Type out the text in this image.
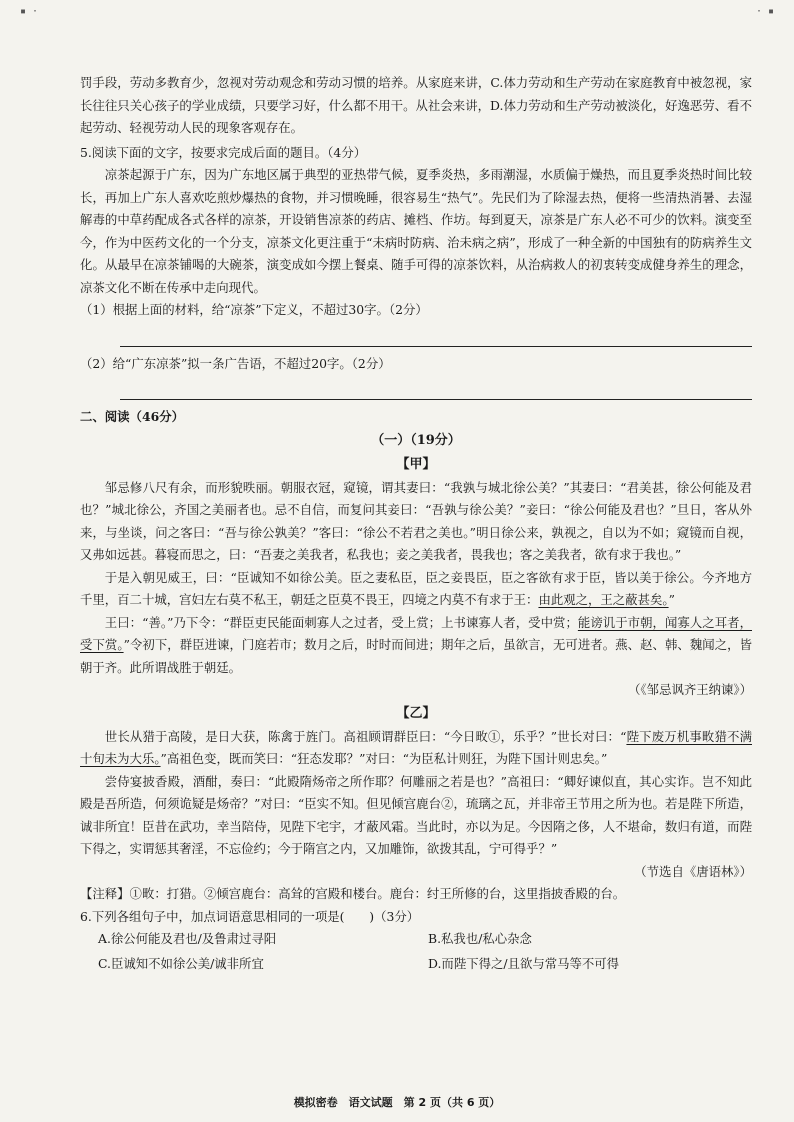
▪ ·	· ▪

罚手段，劳动多教育少，忽视对劳动观念和劳动习惯的培养。从家庭来讲，C.体力劳动和生产劳动在家庭教育中被忽视，家长往往只关心孩子的学业成绩，只要学习好，什么都不用干。从社会来讲，D.体力劳动和生产劳动被淡化，好逸恶劳、看不起劳动、轻视劳动人民的现象客观存在。

5.阅读下面的文字，按要求完成后面的题目。（4分）

凉茶起源于广东，因为广东地区属于典型的亚热带气候，夏季炎热，多雨潮湿，水质偏于燥热，而且夏季炎热时间比较长，再加上广东人喜欢吃煎炒爆热的食物，并习惯晚睡，很容易生“热气”。先民们为了除湿去热，便将一些清热消暑、去湿解毒的中草药配成各式各样的凉茶，开设销售凉茶的药店、摊档、作坊。每到夏天，凉茶是广东人必不可少的饮料。演变至今，作为中医药文化的一个分支，凉茶文化更注重于“未病时防病、治未病之病”，形成了一种全新的中国独有的防病养生文化。从最早在凉茶铺喝的大碗茶，演变成如今摆上餐桌、随手可得的凉茶饮料，从治病救人的初衷转变成健身养生的理念，凉茶文化不断在传承中走向现代。

（1）根据上面的材料，给“凉茶”下定义，不超过30字。（2分）

（2）给“广东凉茶”拟一条广告语，不超过20字。（2分）

二、阅读（46分）

（一）（19分）
【甲】

邹忌修八尺有余，而形貌昳丽。朝服衣冠，窥镜，谓其妻曰：“我孰与城北徐公美？”其妻曰：“君美甚，徐公何能及君也？”城北徐公，齐国之美丽者也。忌不自信，而复问其妾曰：“吾孰与徐公美？”妾曰：“徐公何能及君也？”旦日，客从外来，与坐谈，问之客曰：“吾与徐公孰美？”客曰：“徐公不若君之美也。”明日徐公来，孰视之，自以为不如；窥镜而自视，又弗如远甚。暮寝而思之，曰：“吾妻之美我者，私我也；妾之美我者，畏我也；客之美我者，欲有求于我也。”

于是入朝见威王，曰：“臣诚知不如徐公美。臣之妻私臣，臣之妾畏臣，臣之客欲有求于臣，皆以美于徐公。今齐地方千里，百二十城，宫妇左右莫不私王，朝廷之臣莫不畏王，四境之内莫不有求于王：由此观之，王之蔽甚矣。”

王曰：“善。”乃下令：“群臣吏民能面刺寡人之过者，受上赏；上书谏寡人者，受中赏；能谤讥于市朝，闻寡人之耳者，受下赏。”令初下，群臣进谏，门庭若市；数月之后，时时而间进；期年之后，虽欲言，无可进者。燕、赵、韩、魏闻之，皆朝于齐。此所谓战胜于朝廷。

（《邹忌讽齐王纳谏》）

【乙】

世长从猎于高陵，是日大获，陈禽于旌门。高祖顾谓群臣曰：“今日畋①，乐乎？”世长对曰：“陛下废万机事畋猎不满十旬未为大乐。”高祖色变，既而笑曰：“狂态发耶？”对曰：“为臣私计则狂，为陛下国计则忠矣。”

尝侍宴披香殿，酒酣，奏曰：“此殿隋炀帝之所作耶？何雕丽之若是也？”高祖曰：“卿好谏似直，其心实诈。岂不知此殿是吾所造，何须诡疑是炀帝？”对曰：“臣实不知。但见倾宫鹿台②，琉璃之瓦，并非帝王节用之所为也。若是陛下所造，诚非所宜！臣昔在武功，幸当陪侍，见陛下宅宇，才蔽风霜。当此时，亦以为足。今因隋之侈，人不堪命，数归有道，而陛下得之，实谓惩其奢淫，不忘俭约；今于隋宫之内，又加雕饰，欲拨其乱，宁可得乎？”

（节选自《唐语林》）

【注释】①畋：打猎。②倾宫鹿台：高耸的宫殿和楼台。鹿台：纣王所修的台，这里指披香殿的台。

6.下列各组句子中，加点词语意思相同的一项是(　　)（3分）

A.徐公何能及君也/及鲁肃过寻阳	B.私我也/私心杂念
C.臣诚知不如徐公美/诚非所宜	D.而陛下得之/且欲与常马等不可得
模拟密卷　语文试题　第 2 页（共 6 页）
